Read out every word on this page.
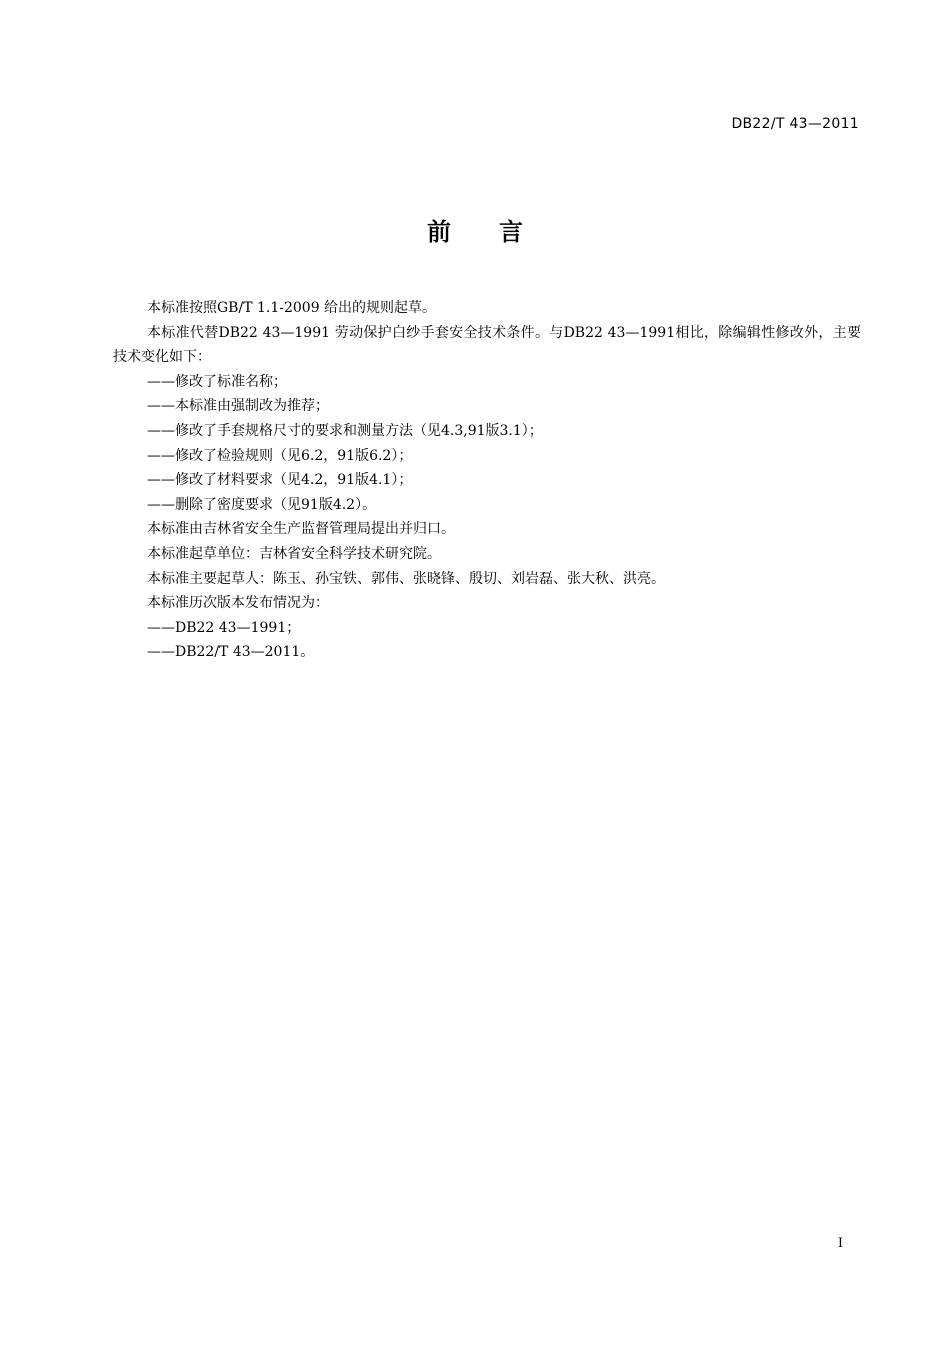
DB22/T 43—2011
前 言

本标准按照GB/T 1.1-2009 给出的规则起草。

本标准代替DB22 43—1991 劳动保护白纱手套安全技术条件。与DB22 43—1991相比，除编辑性修改外，主要技术变化如下：

——修改了标准名称；

——本标准由强制改为推荐；

——修改了手套规格尺寸的要求和测量方法（见4.3,91版3.1）；

——修改了检验规则（见6.2，91版6.2）；

——修改了材料要求（见4.2，91版4.1）；

——删除了密度要求（见91版4.2）。

本标准由吉林省安全生产监督管理局提出并归口。

本标准起草单位：吉林省安全科学技术研究院。

本标准主要起草人：陈玉、孙宝铁、郭伟、张晓锋、殷切、刘岩磊、张大秋、洪亮。

本标准历次版本发布情况为：

——DB22 43—1991；

——DB22/T 43—2011。

I
